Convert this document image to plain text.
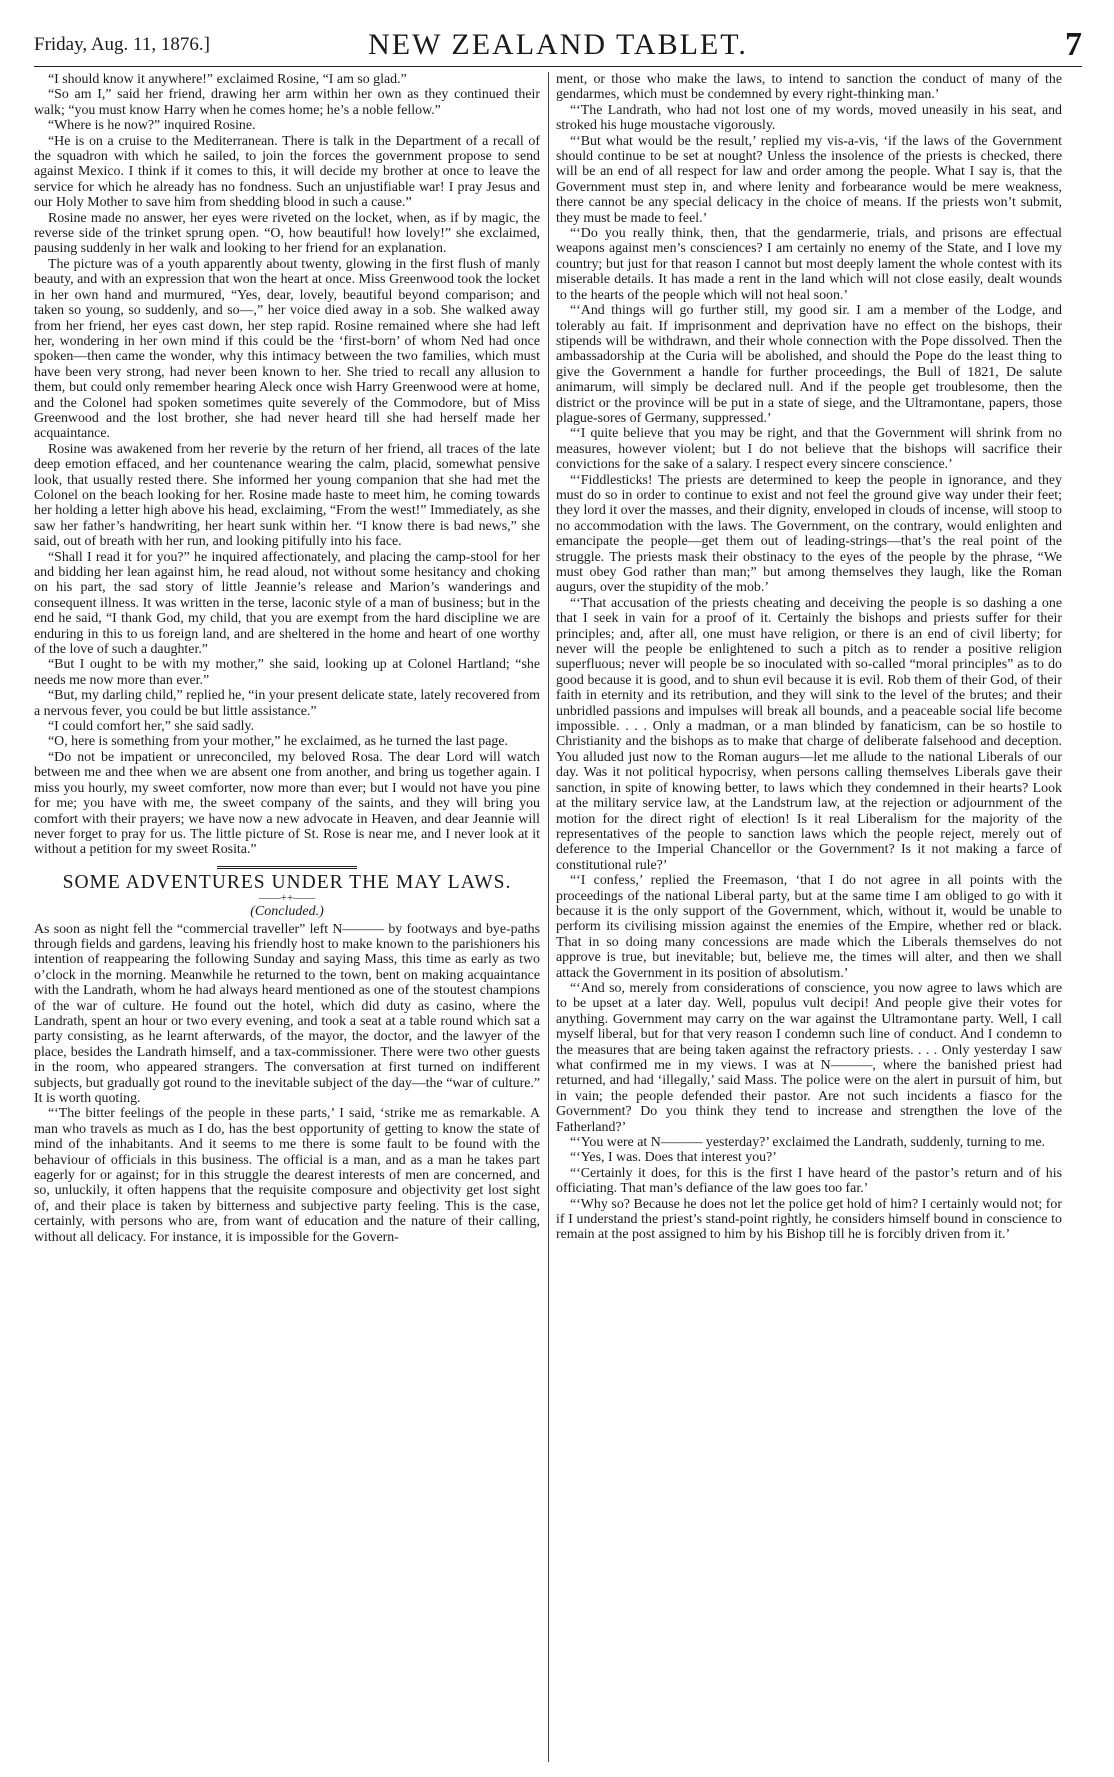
Friday, Aug. 11, 1876.]	NEW ZEALAND TABLET.	7

“I should know it anywhere!” exclaimed Rosine, “I am so glad.”

“So am I,” said her friend, drawing her arm within her own as they continued their walk; “you must know Harry when he comes home; he’s a noble fellow.”

“Where is he now?” inquired Rosine.

“He is on a cruise to the Mediterranean. There is talk in the Department of a recall of the squadron with which he sailed, to join the forces the government propose to send against Mexico. I think if it comes to this, it will decide my brother at once to leave the service for which he already has no fondness. Such an unjustifiable war! I pray Jesus and our Holy Mother to save him from shedding blood in such a cause.”

Rosine made no answer, her eyes were riveted on the locket, when, as if by magic, the reverse side of the trinket sprung open. “O, how beautiful! how lovely!” she exclaimed, pausing suddenly in her walk and looking to her friend for an explanation.

The picture was of a youth apparently about twenty, glowing in the first flush of manly beauty, and with an expression that won the heart at once. Miss Greenwood took the locket in her own hand and murmured, “Yes, dear, lovely, beautiful beyond comparison; and taken so young, so suddenly, and so—,” her voice died away in a sob. She walked away from her friend, her eyes cast down, her step rapid. Rosine remained where she had left her, wondering in her own mind if this could be the ‘first-born’ of whom Ned had once spoken—then came the wonder, why this intimacy between the two families, which must have been very strong, had never been known to her. She tried to recall any allusion to them, but could only remember hearing Aleck once wish Harry Greenwood were at home, and the Colonel had spoken sometimes quite severely of the Commodore, but of Miss Greenwood and the lost brother, she had never heard till she had herself made her acquaintance.

Rosine was awakened from her reverie by the return of her friend, all traces of the late deep emotion effaced, and her countenance wearing the calm, placid, somewhat pensive look, that usually rested there. She informed her young companion that she had met the Colonel on the beach looking for her. Rosine made haste to meet him, he coming towards her holding a letter high above his head, exclaiming, “From the west!” Immediately, as she saw her father’s handwriting, her heart sunk within her. “I know there is bad news,” she said, out of breath with her run, and looking pitifully into his face.

“Shall I read it for you?” he inquired affectionately, and placing the camp-stool for her and bidding her lean against him, he read aloud, not without some hesitancy and choking on his part, the sad story of little Jeannie’s release and Marion’s wanderings and consequent illness. It was written in the terse, laconic style of a man of business; but in the end he said, “I thank God, my child, that you are exempt from the hard discipline we are enduring in this to us foreign land, and are sheltered in the home and heart of one worthy of the love of such a daughter.”

“But I ought to be with my mother,” she said, looking up at Colonel Hartland; “she needs me now more than ever.”

“But, my darling child,” replied he, “in your present delicate state, lately recovered from a nervous fever, you could be but little assistance.”

“I could comfort her,” she said sadly.

“O, here is something from your mother,” he exclaimed, as he turned the last page.

“Do not be impatient or unreconciled, my beloved Rosa. The dear Lord will watch between me and thee when we are absent one from another, and bring us together again. I miss you hourly, my sweet comforter, now more than ever; but I would not have you pine for me; you have with me, the sweet company of the saints, and they will bring you comfort with their prayers; we have now a new advocate in Heaven, and dear Jeannie will never forget to pray for us. The little picture of St. Rose is near me, and I never look at it without a petition for my sweet Rosita.”

SOME ADVENTURES UNDER THE MAY LAWS.
——++——
(Concluded.)

As soon as night fell the “commercial traveller” left N——— by footways and bye-paths through fields and gardens, leaving his friendly host to make known to the parishioners his intention of reappearing the following Sunday and saying Mass, this time as early as two o’clock in the morning. Meanwhile he returned to the town, bent on making acquaintance with the Landrath, whom he had always heard mentioned as one of the stoutest champions of the war of culture. He found out the hotel, which did duty as casino, where the Landrath, spent an hour or two every evening, and took a seat at a table round which sat a party consisting, as he learnt afterwards, of the mayor, the doctor, and the lawyer of the place, besides the Landrath himself, and a tax-commissioner. There were two other guests in the room, who appeared strangers. The conversation at first turned on indifferent subjects, but gradually got round to the inevitable subject of the day—the “war of culture.” It is worth quoting.

“‘The bitter feelings of the people in these parts,’ I said, ‘strike me as remarkable. A man who travels as much as I do, has the best opportunity of getting to know the state of mind of the inhabitants. And it seems to me there is some fault to be found with the behaviour of officials in this business. The official is a man, and as a man he takes part eagerly for or against; for in this struggle the dearest interests of men are concerned, and so, unluckily, it often happens that the requisite composure and objectivity get lost sight of, and their place is taken by bitterness and subjective party feeling. This is the case, certainly, with persons who are, from want of education and the nature of their calling, without all delicacy. For instance, it is impossible for the Govern-

ment, or those who make the laws, to intend to sanction the conduct of many of the gendarmes, which must be condemned by every right-thinking man.’

“‘The Landrath, who had not lost one of my words, moved uneasily in his seat, and stroked his huge moustache vigorously.

“‘But what would be the result,’ replied my vis-a-vis, ‘if the laws of the Government should continue to be set at nought? Unless the insolence of the priests is checked, there will be an end of all respect for law and order among the people. What I say is, that the Government must step in, and where lenity and forbearance would be mere weakness, there cannot be any special delicacy in the choice of means. If the priests won’t submit, they must be made to feel.’

“‘Do you really think, then, that the gendarmerie, trials, and prisons are effectual weapons against men’s consciences? I am certainly no enemy of the State, and I love my country; but just for that reason I cannot but most deeply lament the whole contest with its miserable details. It has made a rent in the land which will not close easily, dealt wounds to the hearts of the people which will not heal soon.’

“‘And things will go further still, my good sir. I am a member of the Lodge, and tolerably au fait. If imprisonment and deprivation have no effect on the bishops, their stipends will be withdrawn, and their whole connection with the Pope dissolved. Then the ambassadorship at the Curia will be abolished, and should the Pope do the least thing to give the Government a handle for further proceedings, the Bull of 1821, De salute animarum, will simply be declared null. And if the people get troublesome, then the district or the province will be put in a state of siege, and the Ultramontane, papers, those plague-sores of Germany, suppressed.’

“‘I quite believe that you may be right, and that the Government will shrink from no measures, however violent; but I do not believe that the bishops will sacrifice their convictions for the sake of a salary. I respect every sincere conscience.’

“‘Fiddlesticks! The priests are determined to keep the people in ignorance, and they must do so in order to continue to exist and not feel the ground give way under their feet; they lord it over the masses, and their dignity, enveloped in clouds of incense, will stoop to no accommodation with the laws. The Government, on the contrary, would enlighten and emancipate the people—get them out of leading-strings—that’s the real point of the struggle. The priests mask their obstinacy to the eyes of the people by the phrase, “We must obey God rather than man;” but among themselves they laugh, like the Roman augurs, over the stupidity of the mob.’

“‘That accusation of the priests cheating and deceiving the people is so dashing a one that I seek in vain for a proof of it. Certainly the bishops and priests suffer for their principles; and, after all, one must have religion, or there is an end of civil liberty; for never will the people be enlightened to such a pitch as to render a positive religion superfluous; never will people be so inoculated with so-called “moral principles” as to do good because it is good, and to shun evil because it is evil. Rob them of their God, of their faith in eternity and its retribution, and they will sink to the level of the brutes; and their unbridled passions and impulses will break all bounds, and a peaceable social life become impossible. . . . Only a madman, or a man blinded by fanaticism, can be so hostile to Christianity and the bishops as to make that charge of deliberate falsehood and deception. You alluded just now to the Roman augurs—let me allude to the national Liberals of our day. Was it not political hypocrisy, when persons calling themselves Liberals gave their sanction, in spite of knowing better, to laws which they condemned in their hearts? Look at the military service law, at the Landstrum law, at the rejection or adjournment of the motion for the direct right of election! Is it real Liberalism for the majority of the representatives of the people to sanction laws which the people reject, merely out of deference to the Imperial Chancellor or the Government? Is it not making a farce of constitutional rule?’

“‘I confess,’ replied the Freemason, ‘that I do not agree in all points with the proceedings of the national Liberal party, but at the same time I am obliged to go with it because it is the only support of the Government, which, without it, would be unable to perform its civilising mission against the enemies of the Empire, whether red or black. That in so doing many concessions are made which the Liberals themselves do not approve is true, but inevitable; but, believe me, the times will alter, and then we shall attack the Government in its position of absolutism.’

“‘And so, merely from considerations of conscience, you now agree to laws which are to be upset at a later day. Well, populus vult decipi! And people give their votes for anything. Government may carry on the war against the Ultramontane party. Well, I call myself liberal, but for that very reason I condemn such line of conduct. And I condemn to the measures that are being taken against the refractory priests. . . . Only yesterday I saw what confirmed me in my views. I was at N———, where the banished priest had returned, and had ‘illegally,’ said Mass. The police were on the alert in pursuit of him, but in vain; the people defended their pastor. Are not such incidents a fiasco for the Government? Do you think they tend to increase and strengthen the love of the Fatherland?’

“‘You were at N——— yesterday?’ exclaimed the Landrath, suddenly, turning to me.

“‘Yes, I was. Does that interest you?’

“‘Certainly it does, for this is the first I have heard of the pastor’s return and of his officiating. That man’s defiance of the law goes too far.’

“‘Why so? Because he does not let the police get hold of him? I certainly would not; for if I understand the priest’s stand-point rightly, he considers himself bound in conscience to remain at the post assigned to him by his Bishop till he is forcibly driven from it.’
